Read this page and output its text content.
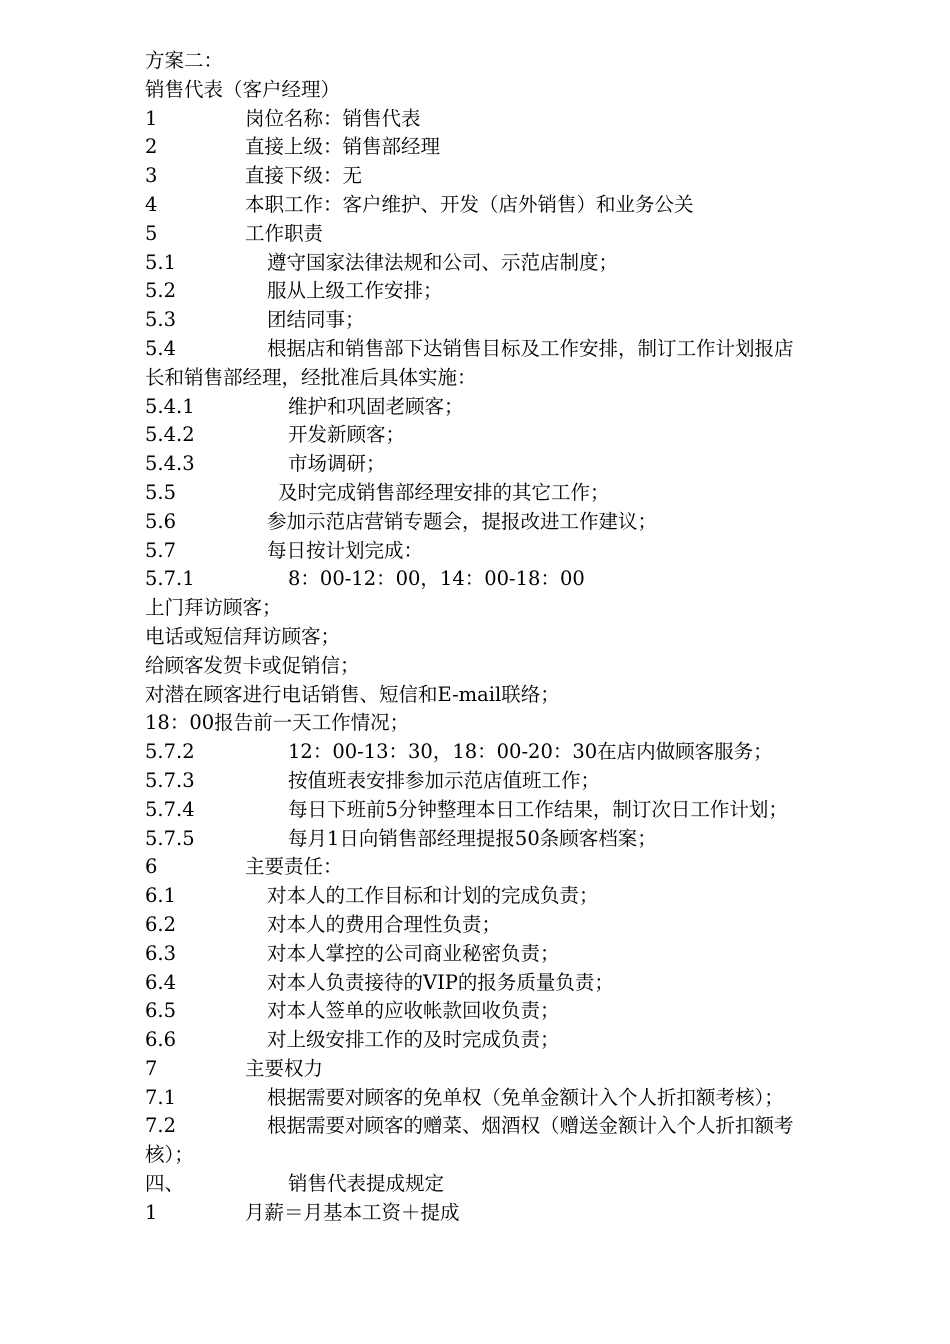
方案二：
销售代表（客户经理）
1	岗位名称：销售代表
2	直接上级：销售部经理
3	直接下级：无
4	本职工作：客户维护、开发（店外销售）和业务公关
5	工作职责
5.1	遵守国家法律法规和公司、示范店制度；
5.2	服从上级工作安排；
5.3	团结同事；
5.4	根据店和销售部下达销售目标及工作安排，制订工作计划报店
长和销售部经理，经批准后具体实施：
5.4.1	维护和巩固老顾客；
5.4.2	开发新顾客；
5.4.3	市场调研；
5.5	及时完成销售部经理安排的其它工作；
5.6	参加示范店营销专题会，提报改进工作建议；
5.7	每日按计划完成：
5.7.1	8：00-12：00，14：00-18：00
上门拜访顾客；
电话或短信拜访顾客；
给顾客发贺卡或促销信；
对潜在顾客进行电话销售、短信和E-mail联络；
18：00报告前一天工作情况；
5.7.2	12：00-13：30，18：00-20：30在店内做顾客服务；
5.7.3	按值班表安排参加示范店值班工作；
5.7.4	每日下班前5分钟整理本日工作结果，制订次日工作计划；
5.7.5	每月1日向销售部经理提报50条顾客档案；
6	主要责任：
6.1	对本人的工作目标和计划的完成负责；
6.2	对本人的费用合理性负责；
6.3	对本人掌控的公司商业秘密负责；
6.4	对本人负责接待的VIP的报务质量负责；
6.5	对本人签单的应收帐款回收负责；
6.6	对上级安排工作的及时完成负责；
7	主要权力
7.1	根据需要对顾客的免单权（免单金额计入个人折扣额考核）；
7.2	根据需要对顾客的赠菜、烟酒权（赠送金额计入个人折扣额考
核）；
四、	销售代表提成规定
1	月薪＝月基本工资＋提成
